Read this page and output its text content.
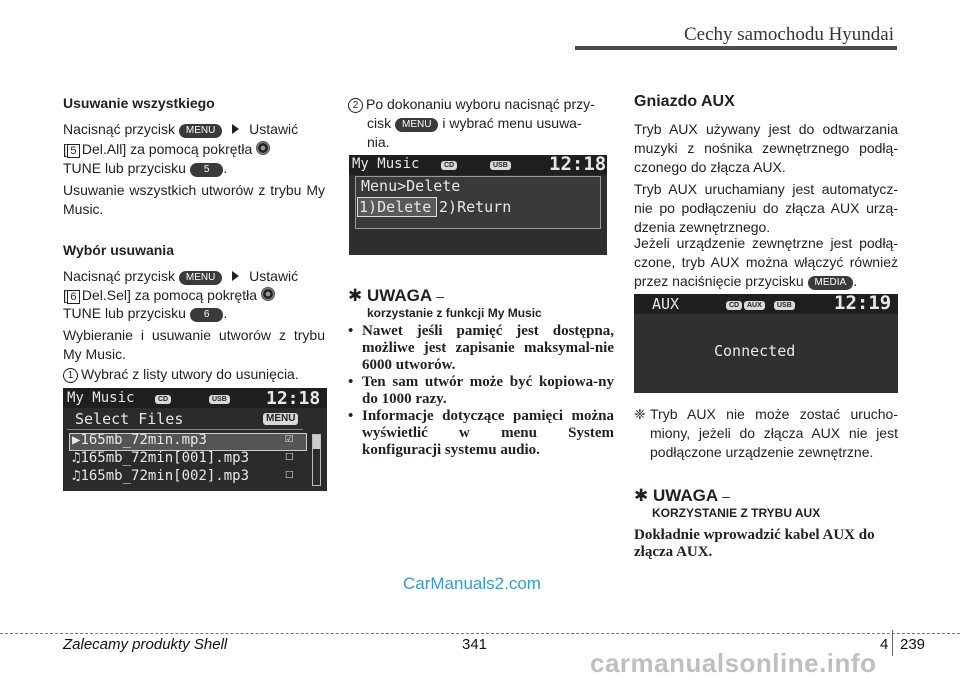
Cechy samochodu Hyundai
Usuwanie wszystkiego
Nacisnąć przycisk MENU Ustawić
[ 5 Del.All] za pomocą pokrętła
TUNE lub przycisku 5 .
Usuwanie wszystkich utworów z trybu My Music.
Wybór usuwania
Nacisnąć przycisk MENU Ustawić
[ 6 Del.Sel] za pomocą pokrętła
TUNE lub przycisku 6 .
Wybieranie i usuwanie utworów z trybu My Music.
1 Wybrać z listy utwory do usunięcia.
My Music	CD	USB 12:18
Select Files	MENU
▶165mb_72min.mp3	☑
♫165mb_72min[001].mp3	☐
♫165mb_72min[002].mp3	☐
2 Po dokonaniu wyboru nacisnąć przy-
cisk MENU i wybrać menu usuwa-
nia.
My Music	CD	USB 12:18
Menu>Delete
1)Delete 2)Return
✱ UWAGA –
korzystanie z funkcji My Music
• Nawet jeśli pamięć jest dostępna, możliwe jest zapisanie maksymal-nie 6000 utworów.
• Ten sam utwór może być kopiowa-ny do 1000 razy.
• Informacje dotyczące pamięci można wyświetlić w menu System konfiguracji systemu audio.
Gniazdo AUX
Tryb AUX używany jest do odtwarzania muzyki z nośnika zewnętrznego podłą-czonego do złącza AUX.
Tryb AUX uruchamiany jest automatycz-nie po podłączeniu do złącza AUX urzą-dzenia zewnętrznego.
Jeżeli urządzenie zewnętrzne jest podłą-czone, tryb AUX można włączyć również przez naciśnięcie przycisku MEDIA .
AUX	CD	AUX	USB 12:19
Connected
❈ Tryb AUX nie może zostać urucho-miony, jeżeli do złącza AUX nie jest podłączone urządzenie zewnętrzne.
✱ UWAGA –
KORZYSTANIE Z TRYBU AUX
Dokładnie wprowadzić kabel AUX do złącza AUX.
CarManuals2.com
Zalecamy produkty Shell	341	4 239
carmanualsonline.info
